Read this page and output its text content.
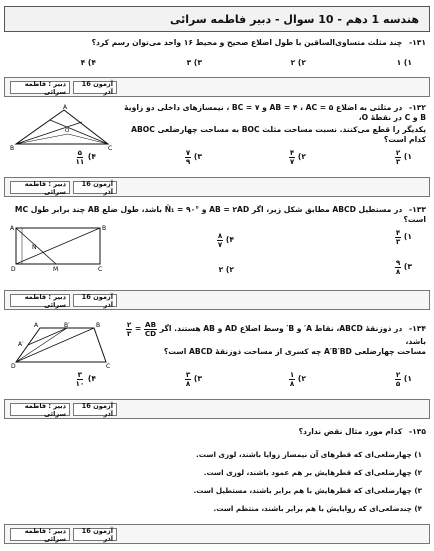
هندسه 1 دهم - 10 سوال - دبیر فاطمه سرائی
۱۳۱- چند مثلث متساوی‌الساقین با طول اضلاع صحیح و محیط ۱۶ واحد می‌توان رسم کرد؟
۱) ۱
۲) ۲
۳) ۳
۴) ۴
آزمون 16 آذر
دبیر : فاطمه سرائی
۱۳۲- در مثلثی به اضلاع AB = ۴ ، AC = ۵ و BC = ۷ ، نیمسازهای داخلی دو زاویهٔ B و C در نقطهٔ O،
یکدیگر را قطع می‌کنند. نسبت مساحت مثلث BOC به مساحت چهارضلعی ABOC کدام است؟
۱)
$\frac{۲}{۳}$
۲)
$\frac{۴}{۷}$
۳)
$\frac{۷}{۹}$
۴)
$\frac{۵}{۱۱}$
A
B	C
O
آزمون 16 آذر
دبیر : فاطمه سرائی
۱۳۳- در مستطیل ABCD مطابق شکل زیر، اگر AB = ۲AD و N̂₁ = ۹۰° باشد، طول ضلع AB چند برابر طول MC است؟
۱)
$\frac{۴}{۳}$
۴)
$\frac{۸}{۷}$
۳)
$\frac{۹}{۸}$
۲) ۲
A	B
C
D	M
N
آزمون 16 آذر
دبیر : فاطمه سرائی
۱۳۴- در ذوزنقهٔ ABCD، نقاط A′ و B′ وسط اضلاع AD و AB هستند. اگر
$\frac{AB}{CD}$
=
$\frac{۲}{۳}$
باشد،
مساحت چهارضلعی A′B′BD چه کسری از مساحت ذوزنقهٔ ABCD است؟
۱)
$\frac{۲}{۵}$
۲)
$\frac{۱}{۸}$
۳)
$\frac{۳}{۸}$
۴)
$\frac{۳}{۱۰}$
A	B′	B
A′
D	C
آزمون 16 آذر
دبیر : فاطمه سرائی
۱۳۵- کدام مورد مثال نقض ندارد؟
۱) چهارضلعی‌ای که قطرهای آن نیمساز زوایا باشند، لوزی است.
۲) چهارضلعی‌ای که قطرهایش بر هم عمود باشند، لوزی است.
۳) چهارضلعی‌ای که قطرهایش با هم برابر باشند، مستطیل است.
۴) چندضلعی‌ای که زوایایش با هم برابر باشند، منتظم است.
آزمون 16 آذر
دبیر : فاطمه سرائی
